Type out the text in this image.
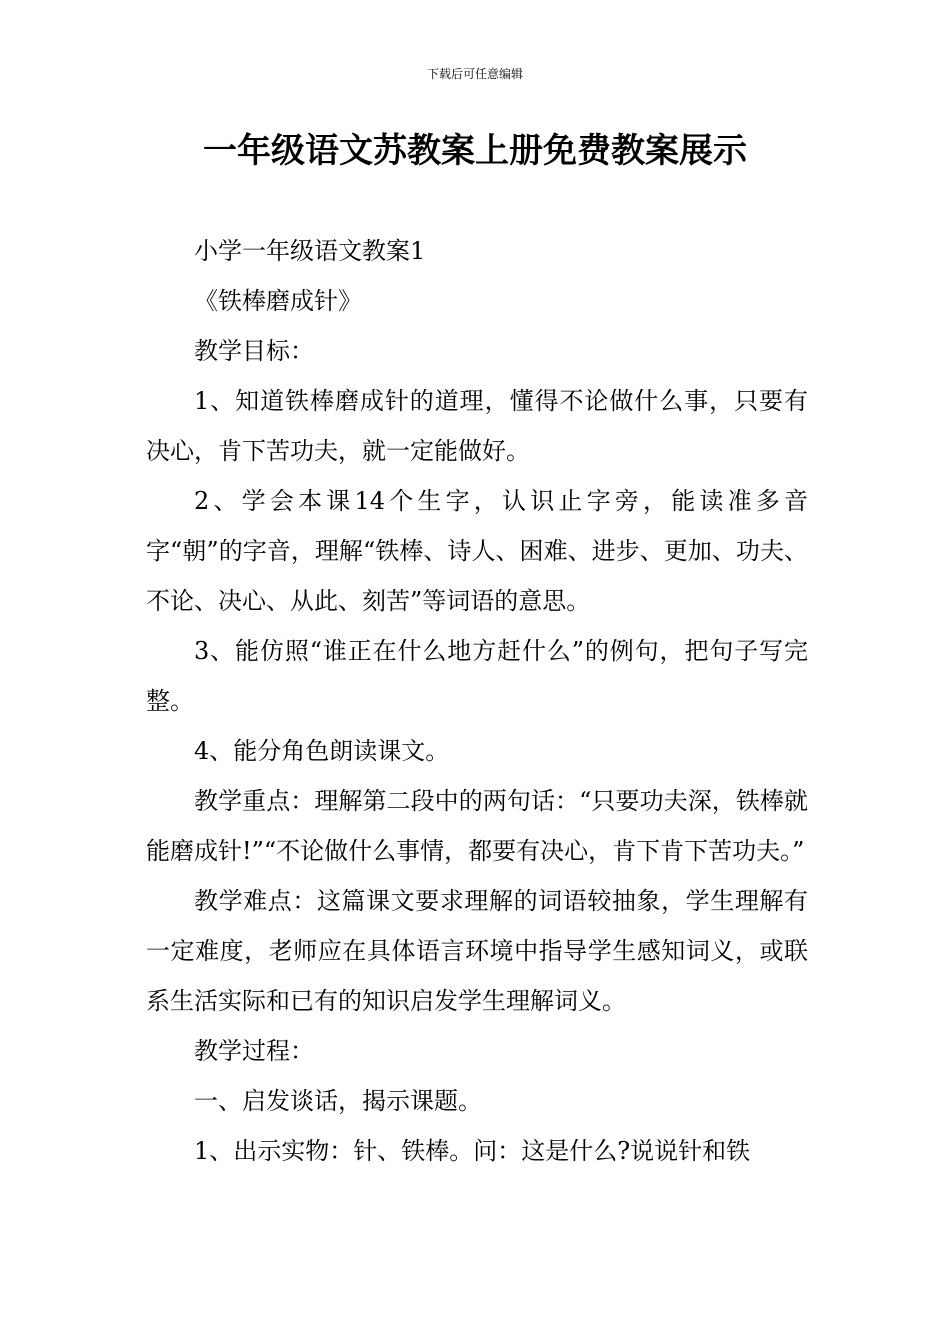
下载后可任意编辑
一年级语文苏教案上册免费教案展示

小学一年级语文教案1

《铁棒磨成针》

教学目标：

1、知道铁棒磨成针的道理，懂得不论做什么事，只要有决心，肯下苦功夫，就一定能做好。

2、学会本课14个生字，认识止字旁，能读准多音字“朝”的字音，理解“铁棒、诗人、困难、进步、更加、功夫、不论、决心、从此、刻苦”等词语的意思。

3、能仿照“谁正在什么地方赶什么”的例句，把句子写完整。

4、能分角色朗读课文。

教学重点：理解第二段中的两句话：“只要功夫深，铁棒就能磨成针!”“不论做什么事情，都要有决心，肯下肯下苦功夫。”

教学难点：这篇课文要求理解的词语较抽象，学生理解有一定难度，老师应在具体语言环境中指导学生感知词义，或联系生活实际和已有的知识启发学生理解词义。

教学过程：

一、启发谈话，揭示课题。

1、出示实物：针、铁棒。问：这是什么?说说针和铁
